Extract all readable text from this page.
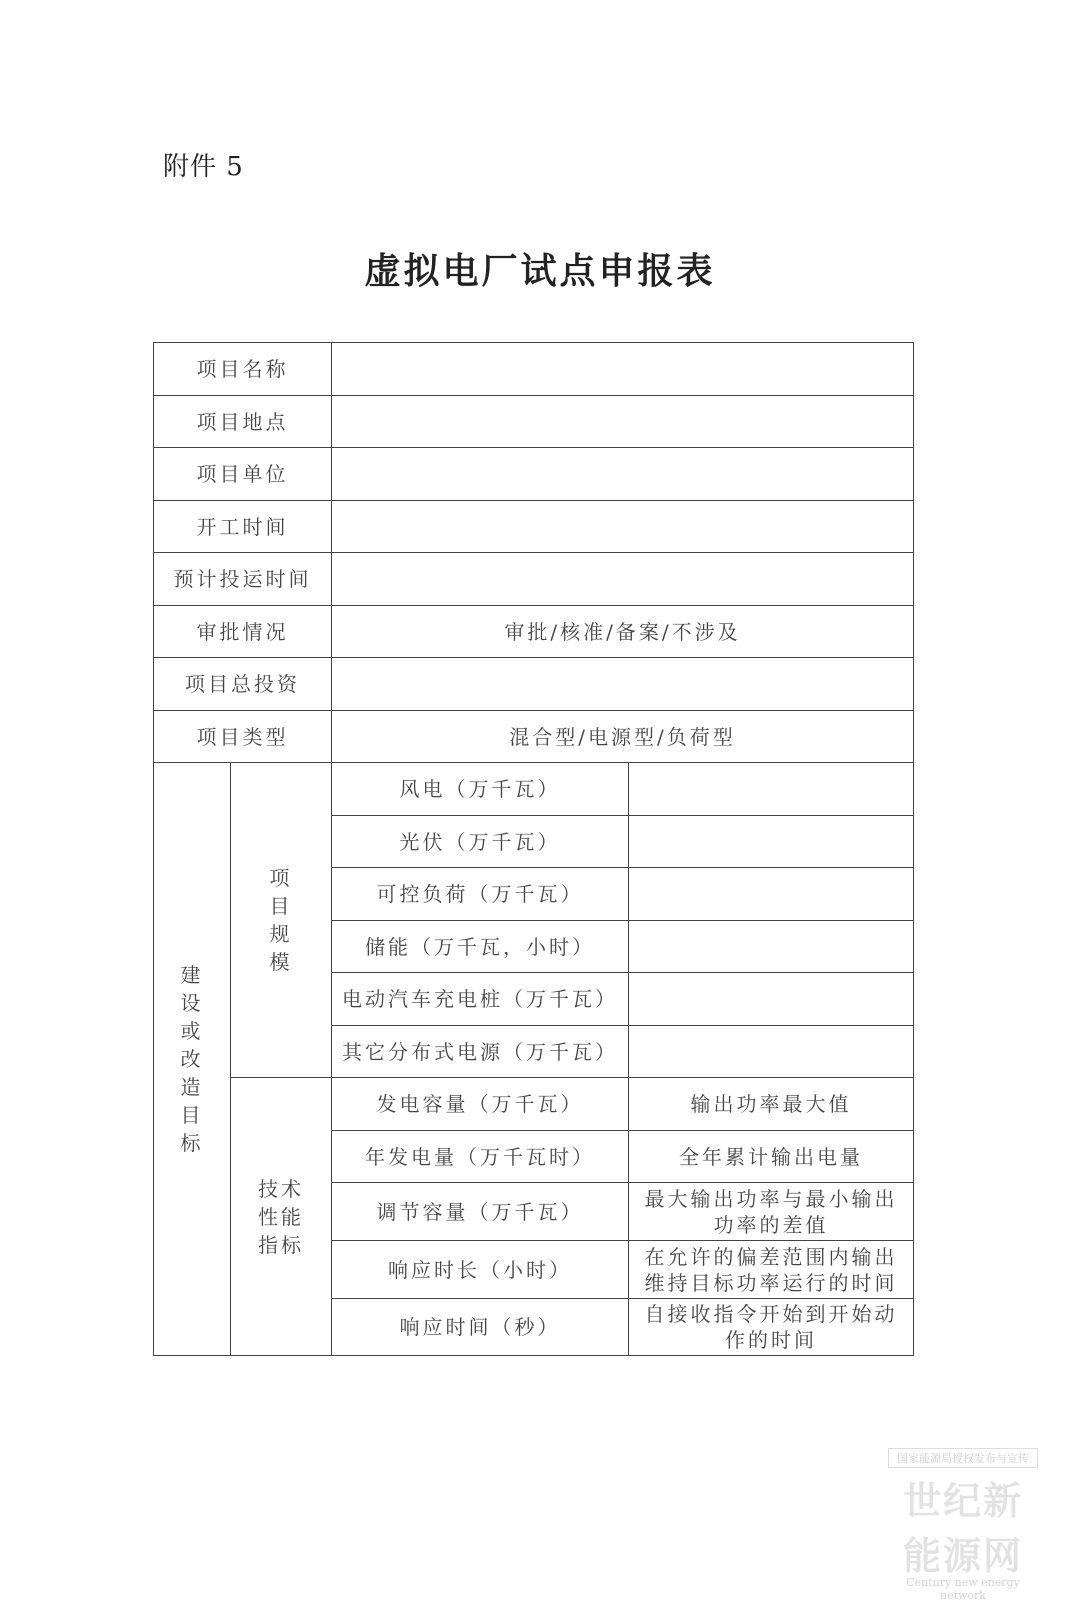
附件 5
虚拟电厂试点申报表
项目名称			
项目地点			
项目单位			
开工时间			
预计投运时间			
审批情况		审批/核准/备案/不涉及	
项目总投资			
项目类型		混合型/电源型/负荷型	

建设或改造目标	项目规模	风电（万千瓦）	
		光伏（万千瓦）	
		可控负荷（万千瓦）	
		储能（万千瓦，小时）	
		电动汽车充电桩（万千瓦）	
		其它分布式电源（万千瓦）	

	技术性能指标	发电容量（万千瓦）	输出功率最大值
		年发电量（万千瓦时）	全年累计输出电量
		调节容量（万千瓦）	最大输出功率与最小输出功率的差值
		响应时长（小时）	在允许的偏差范围内输出维持目标功率运行的时间
		响应时间（秒）	自接收指令开始到开始动作的时间
国家能源局授权发布与宣传
世纪新能源网
Century new energy network
